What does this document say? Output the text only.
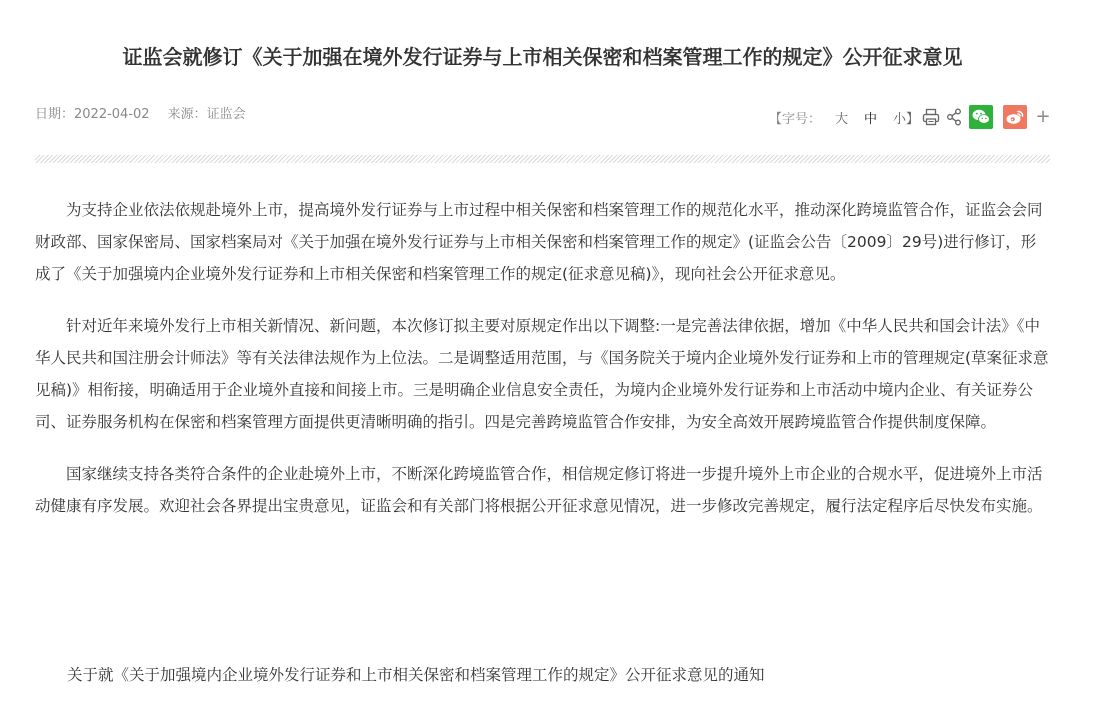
证监会就修订《关于加强在境外发行证券与上市相关保密和档案管理工作的规定》公开征求意见
日期：2022-04-02 来源：证监会	【字号： 大 中 小】	+

为支持企业依法依规赴境外上市，提高境外发行证券与上市过程中相关保密和档案管理工作的规范化水平，推动深化跨境监管合作，证监会会同财政部、国家保密局、国家档案局对《关于加强在境外发行证券与上市相关保密和档案管理工作的规定》(证监会公告〔2009〕29号)进行修订，形成了《关于加强境内企业境外发行证券和上市相关保密和档案管理工作的规定(征求意见稿)》，现向社会公开征求意见。

针对近年来境外发行上市相关新情况、新问题，本次修订拟主要对原规定作出以下调整:一是完善法律依据，增加《中华人民共和国会计法》《中华人民共和国注册会计师法》等有关法律法规作为上位法。二是调整适用范围，与《国务院关于境内企业境外发行证券和上市的管理规定(草案征求意见稿)》相衔接，明确适用于企业境外直接和间接上市。三是明确企业信息安全责任，为境内企业境外发行证券和上市活动中境内企业、有关证券公司、证券服务机构在保密和档案管理方面提供更清晰明确的指引。四是完善跨境监管合作安排，为安全高效开展跨境监管合作提供制度保障。

国家继续支持各类符合条件的企业赴境外上市，不断深化跨境监管合作，相信规定修订将进一步提升境外上市企业的合规水平，促进境外上市活动健康有序发展。欢迎社会各界提出宝贵意见，证监会和有关部门将根据公开征求意见情况，进一步修改完善规定，履行法定程序后尽快发布实施。

关于就《关于加强境内企业境外发行证券和上市相关保密和档案管理工作的规定》公开征求意见的通知
